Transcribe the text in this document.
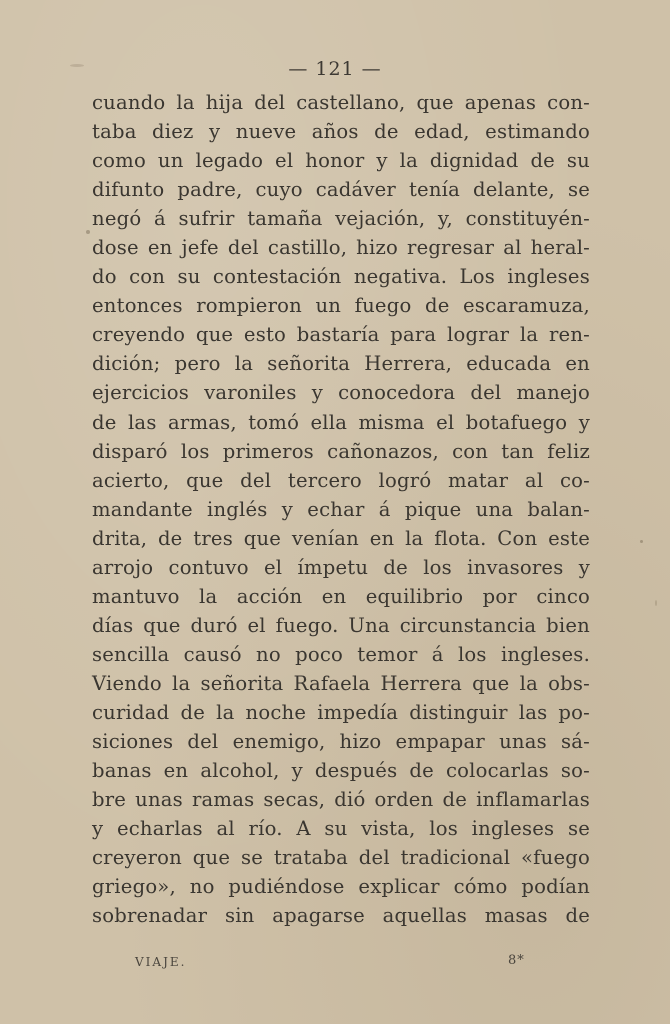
— 121 —
cuando la hija del castellano, que apenas con-
taba diez y nueve años de edad, estimando
como un legado el honor y la dignidad de su
difunto padre, cuyo cadáver tenía delante, se
negó á sufrir tamaña vejación, y, constituyén-
dose en jefe del castillo, hizo regresar al heral-
do con su contestación negativa. Los ingleses
entonces rompieron un fuego de escaramuza,
creyendo que esto bastaría para lograr la ren-
dición; pero la señorita Herrera, educada en
ejercicios varoniles y conocedora del manejo
de las armas, tomó ella misma el botafuego y
disparó los primeros cañonazos, con tan feliz
acierto, que del tercero logró matar al co-
mandante inglés y echar á pique una balan-
drita, de tres que venían en la flota. Con este
arrojo contuvo el ímpetu de los invasores y
mantuvo la acción en equilibrio por cinco
días que duró el fuego. Una circunstancia bien
sencilla causó no poco temor á los ingleses.
Viendo la señorita Rafaela Herrera que la obs-
curidad de la noche impedía distinguir las po-
siciones del enemigo, hizo empapar unas sá-
banas en alcohol, y después de colocarlas so-
bre unas ramas secas, dió orden de inflamarlas
y echarlas al río. A su vista, los ingleses se
creyeron que se trataba del tradicional «fuego
griego», no pudiéndose explicar cómo podían
sobrenadar sin apagarse aquellas masas de
VIAJE.	8*
